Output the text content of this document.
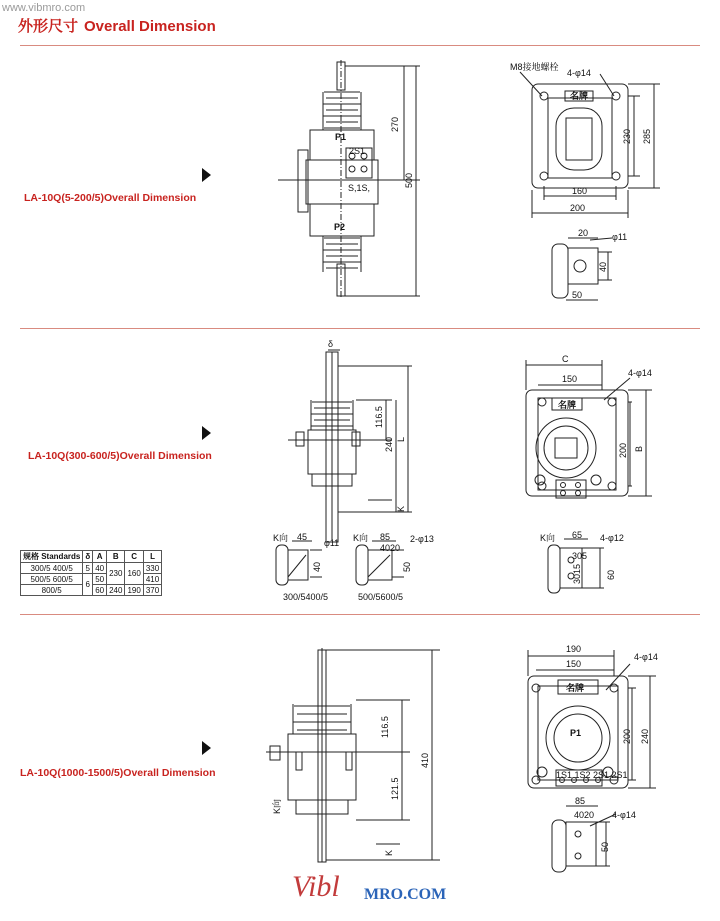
www.vibmro.com
外形尺寸 Overall Dimension
LA-10Q(5-200/5)Overall Dimension
LA-10Q(300-600/5)Overall Dimension
LA-10Q(1000-1500/5)Overall Dimension
P1
P2
2S1
S,1S,
270
500
M8接地螺栓
4-φ14
名牌
230 285
160
200
20	φ11
40
50
δ
116.5
240 L
K
C
150
4-φ14
名牌
200 B
K向 45
φ11
40
300/5400/5
K向 85
4020
2-φ13
50
500/5600/5
K向 65 4-φ12
305
3015	60
116.5
121.5
410
K向
K
190
150
4-φ14
名牌
P1
1S1 1S2 2S1 2S1
200 240
85
4020 4-φ14
50
规格 Standards	δ	A	B	C	L
300/5 400/5	5	40	230	160	330
500/5 600/5	6	50			410
800/5		60	240	190	370
Vibl MRO.COM
